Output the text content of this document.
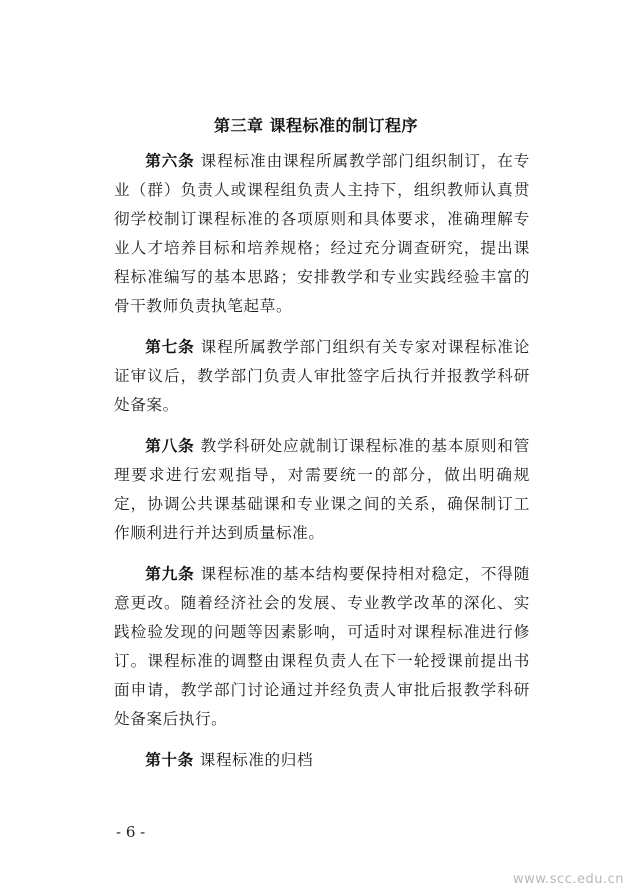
第三章 课程标准的制订程序

第六条 课程标准由课程所属教学部门组织制订，在专业（群）负责人或课程组负责人主持下，组织教师认真贯彻学校制订课程标准的各项原则和具体要求，准确理解专业人才培养目标和培养规格；经过充分调查研究，提出课程标准编写的基本思路；安排教学和专业实践经验丰富的骨干教师负责执笔起草。

第七条 课程所属教学部门组织有关专家对课程标准论证审议后，教学部门负责人审批签字后执行并报教学科研处备案。

第八条 教学科研处应就制订课程标准的基本原则和管理要求进行宏观指导，对需要统一的部分，做出明确规定，协调公共课基础课和专业课之间的关系，确保制订工作顺利进行并达到质量标准。

第九条 课程标准的基本结构要保持相对稳定，不得随意更改。随着经济社会的发展、专业教学改革的深化、实践检验发现的问题等因素影响，可适时对课程标准进行修订。课程标准的调整由课程负责人在下一轮授课前提出书面申请，教学部门讨论通过并经负责人审批后报教学科研处备案后执行。

第十条 课程标准的归档

- 6 -
www.scc.edu.cn
